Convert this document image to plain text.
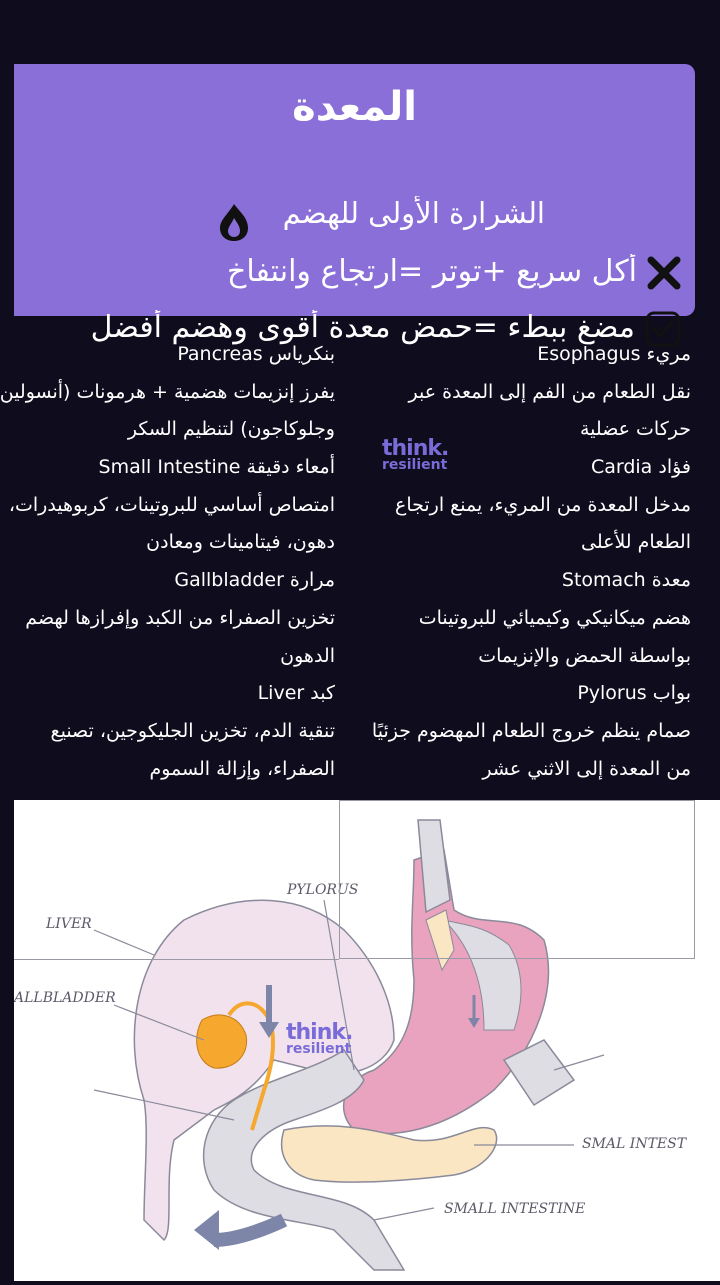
المعدة
الشرارة الأولى للهضم
أكل سريع +توتر =ارتجاع وانتفاخ
مضغ ببطء =حمض معدة أقوى وهضم أفضل
مريء Esophagus
نقل الطعام من الفم إلى المعدة عبر
حركات عضلية
فؤاد Cardia
مدخل المعدة من المريء، يمنع ارتجاع
الطعام للأعلى
معدة Stomach
هضم ميكانيكي وكيميائي للبروتينات
بواسطة الحمض والإنزيمات
بواب Pylorus
صمام ينظم خروج الطعام المهضوم جزئيًا
من المعدة إلى الاثني عشر
بنكرياس Pancreas
يفرز إنزيمات هضمية + هرمونات (أنسولين
وجلوكاجون) لتنظيم السكر
أمعاء دقيقة Small Intestine
امتصاص أساسي للبروتينات، كربوهيدرات،
دهون، فيتامينات ومعادن
مرارة Gallbladder
تخزين الصفراء من الكبد وإفرازها لهضم
الدهون
كبد Liver
تنقية الدم، تخزين الجليكوجين، تصنيع
الصفراء، وإزالة السموم
think.
resilient
PYLORUS
LIVER
ALLBLADDER
SMAL INTEST
SMALL INTESTINE
think.
resilient
